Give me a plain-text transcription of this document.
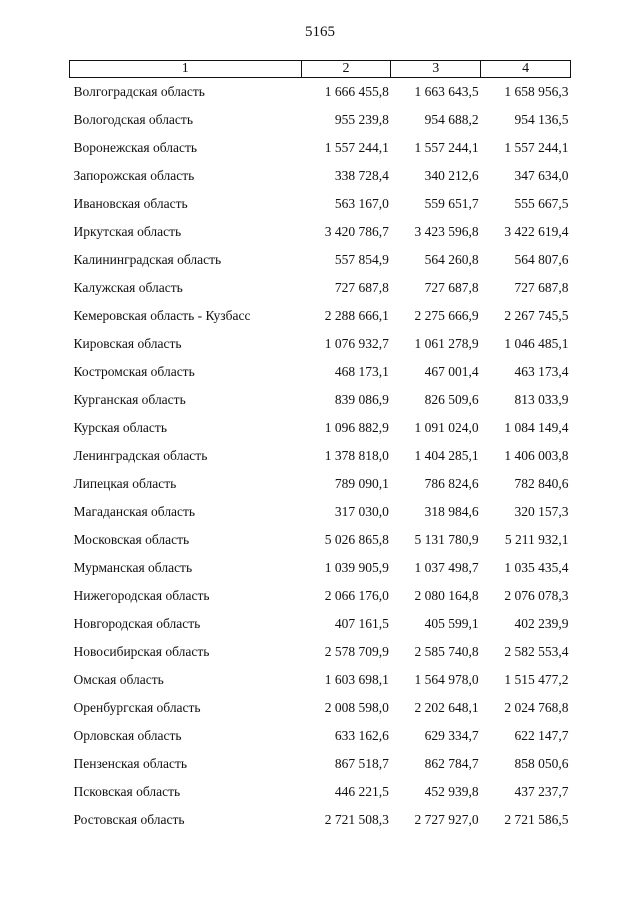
5165
1	2	3	4
Волгоградская область	1 666 455,8	1 663 643,5	1 658 956,3
Вологодская область	955 239,8	954 688,2	954 136,5
Воронежская область	1 557 244,1	1 557 244,1	1 557 244,1
Запорожская область	338 728,4	340 212,6	347 634,0
Ивановская область	563 167,0	559 651,7	555 667,5
Иркутская область	3 420 786,7	3 423 596,8	3 422 619,4
Калининградская область	557 854,9	564 260,8	564 807,6
Калужская область	727 687,8	727 687,8	727 687,8
Кемеровская область - Кузбасс	2 288 666,1	2 275 666,9	2 267 745,5
Кировская область	1 076 932,7	1 061 278,9	1 046 485,1
Костромская область	468 173,1	467 001,4	463 173,4
Курганская область	839 086,9	826 509,6	813 033,9
Курская область	1 096 882,9	1 091 024,0	1 084 149,4
Ленинградская область	1 378 818,0	1 404 285,1	1 406 003,8
Липецкая область	789 090,1	786 824,6	782 840,6
Магаданская область	317 030,0	318 984,6	320 157,3
Московская область	5 026 865,8	5 131 780,9	5 211 932,1
Мурманская область	1 039 905,9	1 037 498,7	1 035 435,4
Нижегородская область	2 066 176,0	2 080 164,8	2 076 078,3
Новгородская область	407 161,5	405 599,1	402 239,9
Новосибирская область	2 578 709,9	2 585 740,8	2 582 553,4
Омская область	1 603 698,1	1 564 978,0	1 515 477,2
Оренбургская область	2 008 598,0	2 202 648,1	2 024 768,8
Орловская область	633 162,6	629 334,7	622 147,7
Пензенская область	867 518,7	862 784,7	858 050,6
Псковская область	446 221,5	452 939,8	437 237,7
Ростовская область	2 721 508,3	2 727 927,0	2 721 586,5
